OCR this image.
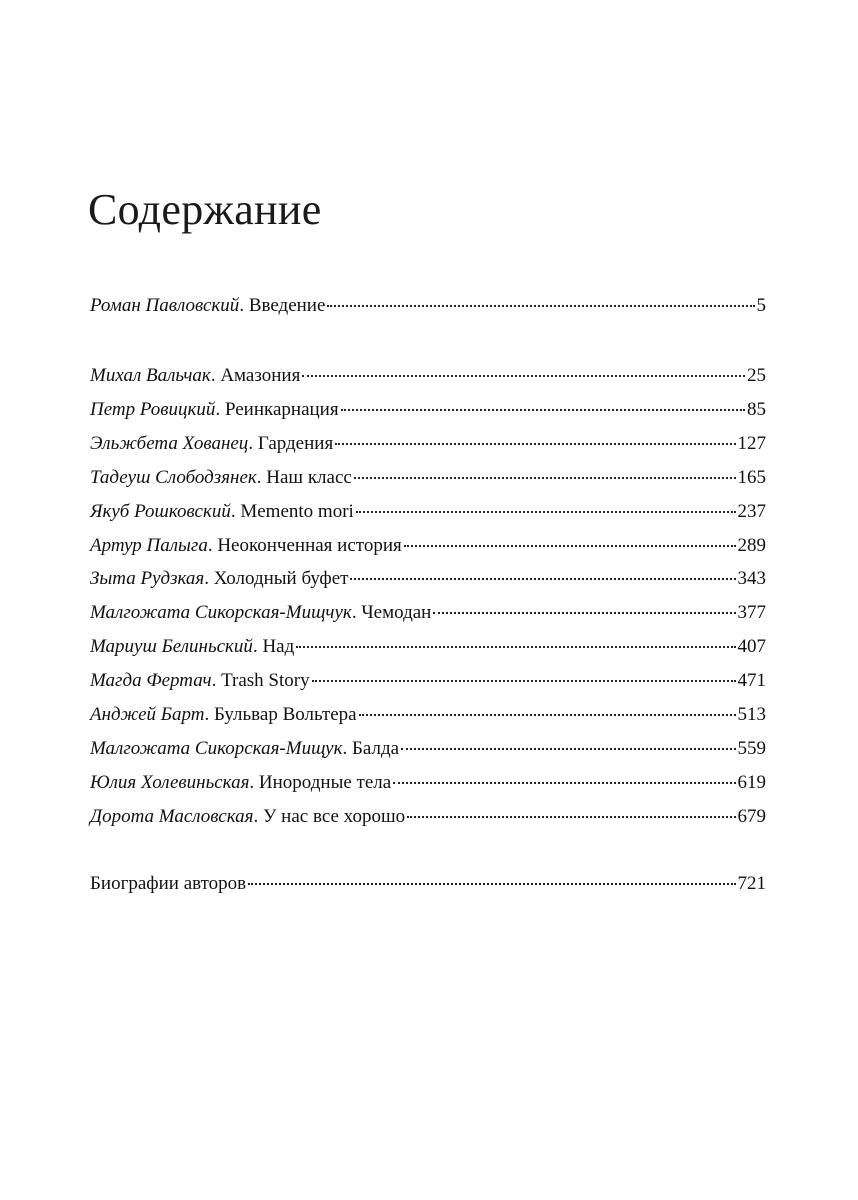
Содержание
Роман Павловский . Введение	5
Михал Вальчак . Амазония	25
Петр Ровицкий . Реинкарнация	85
Эльжбета Хованец . Гардения	127
Тадеуш Слободзянек . Наш класс	165
Якуб Рошковский . Memento mori	237
Артур Палыга . Неоконченная история	289
Зыта Рудзкая . Холодный буфет	343
Малгожата Сикорская-Мищчук . Чемодан	377
Мариуш Белиньский . Над	407
Магда Фертач . Trash Story	471
Анджей Барт . Бульвар Вольтера	513
Малгожата Сикорская-Мищук . Балда	559
Юлия Холевиньская . Инородные тела	619
Дорота Масловская . У нас все хорошо	679
Биографии авторов	721
